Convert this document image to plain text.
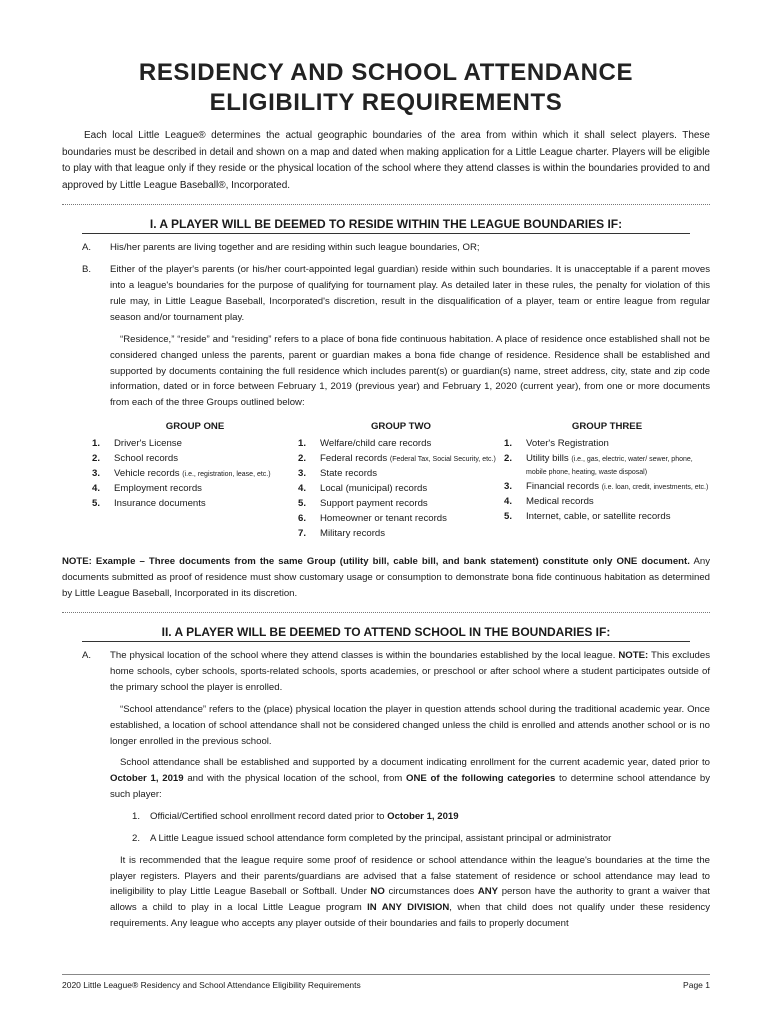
RESIDENCY AND SCHOOL ATTENDANCE
ELIGIBILITY REQUIREMENTS

Each local Little League® determines the actual geographic boundaries of the area from within which it shall select players. These boundaries must be described in detail and shown on a map and dated when making application for a Little League charter. Players will be eligible to play with that league only if they reside or the physical location of the school where they attend classes is within the boundaries provided to and approved by Little League Baseball®, Incorporated.

I. A PLAYER WILL BE DEEMED TO RESIDE WITHIN THE LEAGUE BOUNDARIES IF:
A. His/her parents are living together and are residing within such league boundaries, OR;
B. Either of the player's parents (or his/her court-appointed legal guardian) reside within such boundaries. It is unacceptable if a parent moves into a league's boundaries for the purpose of qualifying for tournament play. As detailed later in these rules, the penalty for violation of this rule may, in Little League Baseball, Incorporated's discretion, result in the disqualification of a player, team or entire league from regular season and/or tournament play.
“Residence,” “reside” and “residing” refers to a place of bona fide continuous habitation. A place of residence once established shall not be considered changed unless the parents, parent or guardian makes a bona fide change of residence. Residence shall be established and supported by documents containing the full residence which includes parent(s) or guardian(s) name, street address, city, state and zip code information, dated or in force between February 1, 2019 (previous year) and February 1, 2020 (current year), from one or more documents from each of the three Groups outlined below:
GROUP ONE
1.	Driver's License
2.	School records
3.	Vehicle records (i.e., registration, lease, etc.)
4.	Employment records
5.	Insurance documents
GROUP TWO
1.	Welfare/child care records
2.	Federal records (Federal Tax, Social Security, etc.)
3.	State records
4.	Local (municipal) records
5.	Support payment records
6.	Homeowner or tenant records
7.	Military records
GROUP THREE
1.	Voter's Registration
2.	Utility bills (i.e., gas, electric, water/ sewer, phone, mobile phone, heating, waste disposal)
3.	Financial records (i.e. loan, credit, investments, etc.)
4.	Medical records
5.	Internet, cable, or satellite records
NOTE: Example – Three documents from the same Group (utility bill, cable bill, and bank statement) constitute only ONE document. Any documents submitted as proof of residence must show customary usage or consumption to demonstrate bona fide continuous habitation as determined by Little League Baseball, Incorporated in its discretion.
II. A PLAYER WILL BE DEEMED TO ATTEND SCHOOL IN THE BOUNDARIES IF:
A. The physical location of the school where they attend classes is within the boundaries established by the local league. NOTE: This excludes home schools, cyber schools, sports-related schools, sports academies, or preschool or after school where a student participates outside of the primary school the player is enrolled.
“School attendance” refers to the (place) physical location the player in question attends school during the traditional academic year. Once established, a location of school attendance shall not be considered changed unless the child is enrolled and attends another school or is no longer enrolled in the previous school.
School attendance shall be established and supported by a document indicating enrollment for the current academic year, dated prior to October 1, 2019 and with the physical location of the school, from ONE of the following categories to determine school attendance by such player:
1.	Official/Certified school enrollment record dated prior to October 1, 2019
2.	A Little League issued school attendance form completed by the principal, assistant principal or administrator
It is recommended that the league require some proof of residence or school attendance within the league's boundaries at the time the player registers. Players and their parents/guardians are advised that a false statement of residence or school attendance may lead to ineligibility to play Little League Baseball or Softball. Under NO circumstances does ANY person have the authority to grant a waiver that allows a child to play in a local Little League program IN ANY DIVISION, when that child does not qualify under these residency requirements. Any league who accepts any player outside of their boundaries and fails to properly document
2020 Little League® Residency and School Attendance Eligibility Requirements	Page 1
